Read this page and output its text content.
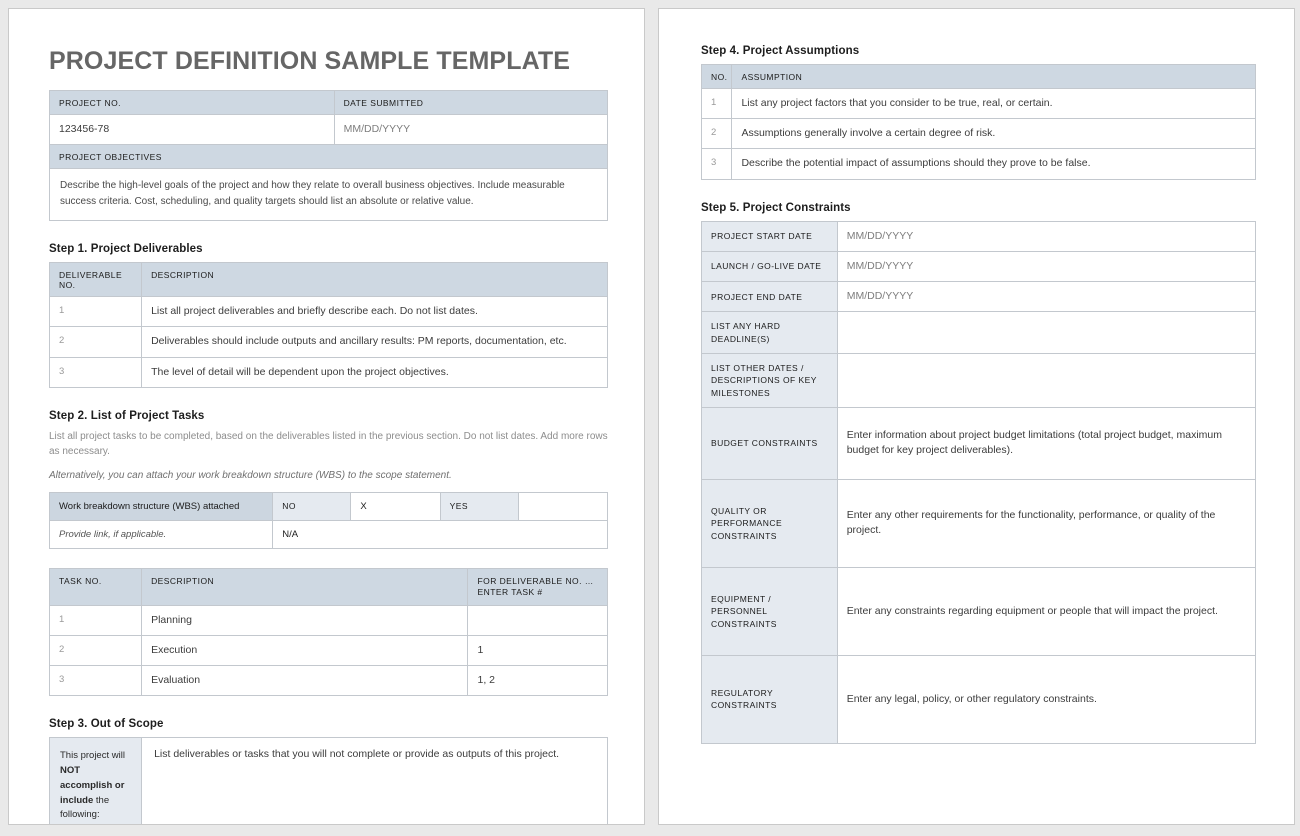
PROJECT DEFINITION SAMPLE TEMPLATE
PROJECT NO.	DATE SUBMITTED
123456-78	MM/DD/YYYY
PROJECT OBJECTIVES	
Describe the high-level goals of the project and how they relate to overall business objectives. Include measurable success criteria. Cost, scheduling, and quality targets should list an absolute or relative value.	
Step 1. Project Deliverables
DELIVERABLE NO.	DESCRIPTION
1	List all project deliverables and briefly describe each. Do not list dates.
2	Deliverables should include outputs and ancillary results: PM reports, documentation, etc.
3	The level of detail will be dependent upon the project objectives.
Step 2. List of Project Tasks

List all project tasks to be completed, based on the deliverables listed in the previous section. Do not list dates. Add more rows as necessary.

Alternatively, you can attach your work breakdown structure (WBS) to the scope statement.

Work breakdown structure (WBS) attached	NO	X	YES	
Provide link, if applicable.	N/A			
TASK NO.	DESCRIPTION	FOR DELIVERABLE NO. … ENTER TASK #
1	Planning	
2	Execution	1
3	Evaluation	1, 2
Step 3. Out of Scope
This project will NOT accomplish or include the following:	List deliverables or tasks that you will not complete or provide as outputs of this project.
Step 4. Project Assumptions
NO.	ASSUMPTION
1	List any project factors that you consider to be true, real, or certain.
2	Assumptions generally involve a certain degree of risk.
3	Describe the potential impact of assumptions should they prove to be false.
Step 5. Project Constraints
PROJECT START DATE	MM/DD/YYYY
LAUNCH / GO-LIVE DATE	MM/DD/YYYY
PROJECT END DATE	MM/DD/YYYY
LIST ANY HARD DEADLINE(S)	
LIST OTHER DATES / DESCRIPTIONS OF KEY MILESTONES	
BUDGET CONSTRAINTS	Enter information about project budget limitations (total project budget, maximum budget for key project deliverables).
QUALITY OR PERFORMANCE CONSTRAINTS	Enter any other requirements for the functionality, performance, or quality of the project.
EQUIPMENT / PERSONNEL CONSTRAINTS	Enter any constraints regarding equipment or people that will impact the project.
REGULATORY CONSTRAINTS	Enter any legal, policy, or other regulatory constraints.
